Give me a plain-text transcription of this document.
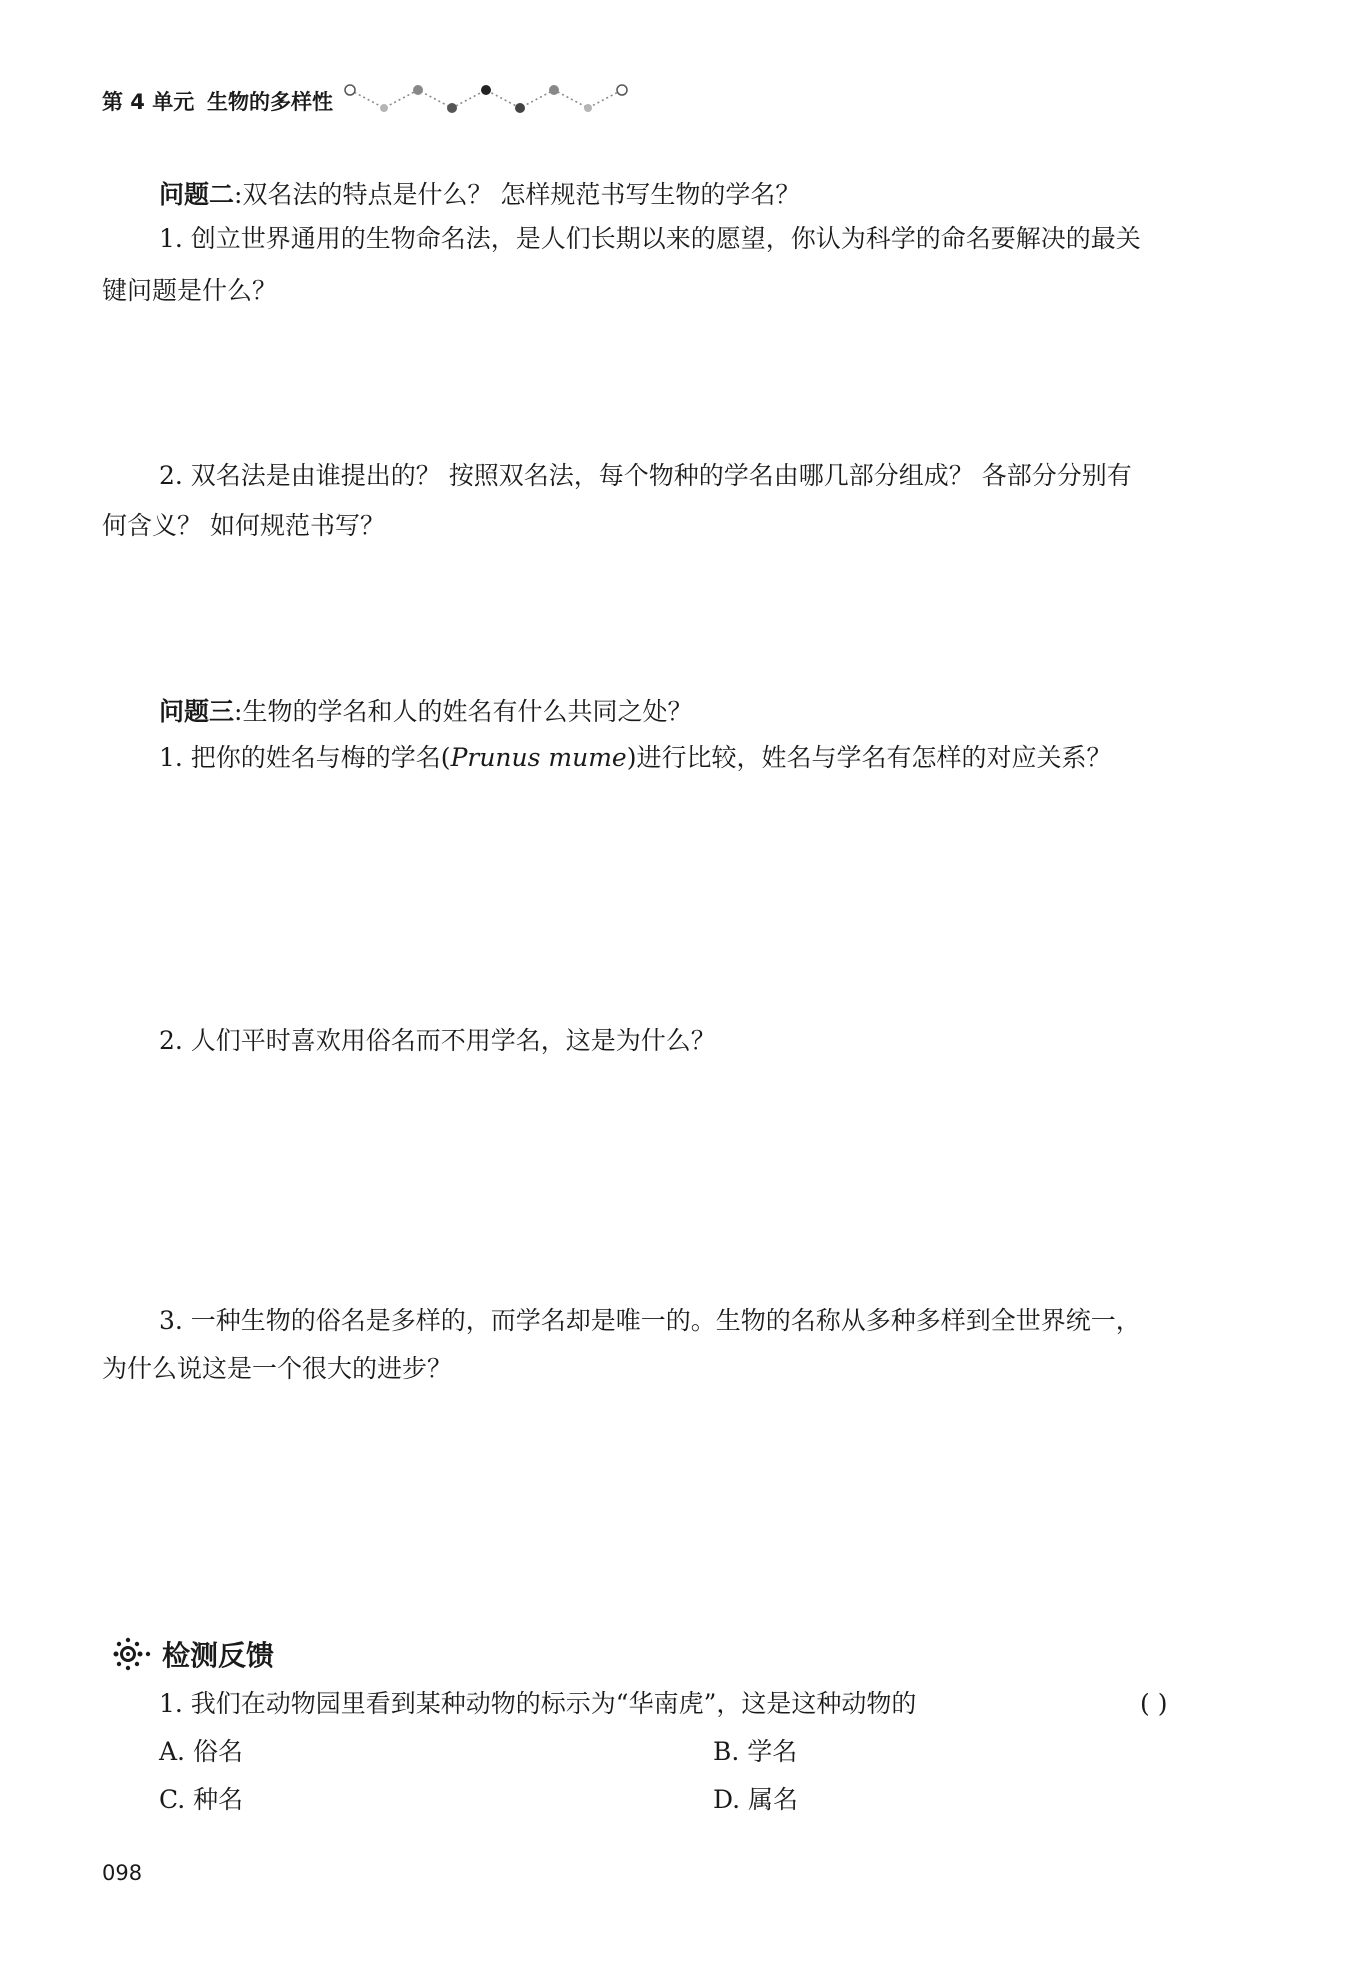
第 4 单元 生物的多样性
问题二:双名法的特点是什么？ 怎样规范书写生物的学名？
1. 创立世界通用的生物命名法，是人们长期以来的愿望，你认为科学的命名要解决的最关
键问题是什么？
2. 双名法是由谁提出的？ 按照双名法，每个物种的学名由哪几部分组成？ 各部分分别有
何含义？ 如何规范书写？
问题三:生物的学名和人的姓名有什么共同之处？
1. 把你的姓名与梅的学名(Prunus mume)进行比较，姓名与学名有怎样的对应关系？
2. 人们平时喜欢用俗名而不用学名，这是为什么？
3. 一种生物的俗名是多样的，而学名却是唯一的。生物的名称从多种多样到全世界统一，
为什么说这是一个很大的进步？
检测反馈
1. 我们在动物园里看到某种动物的标示为“华南虎”，这是这种动物的	( )
A. 俗名	B. 学名
C. 种名	D. 属名
098
